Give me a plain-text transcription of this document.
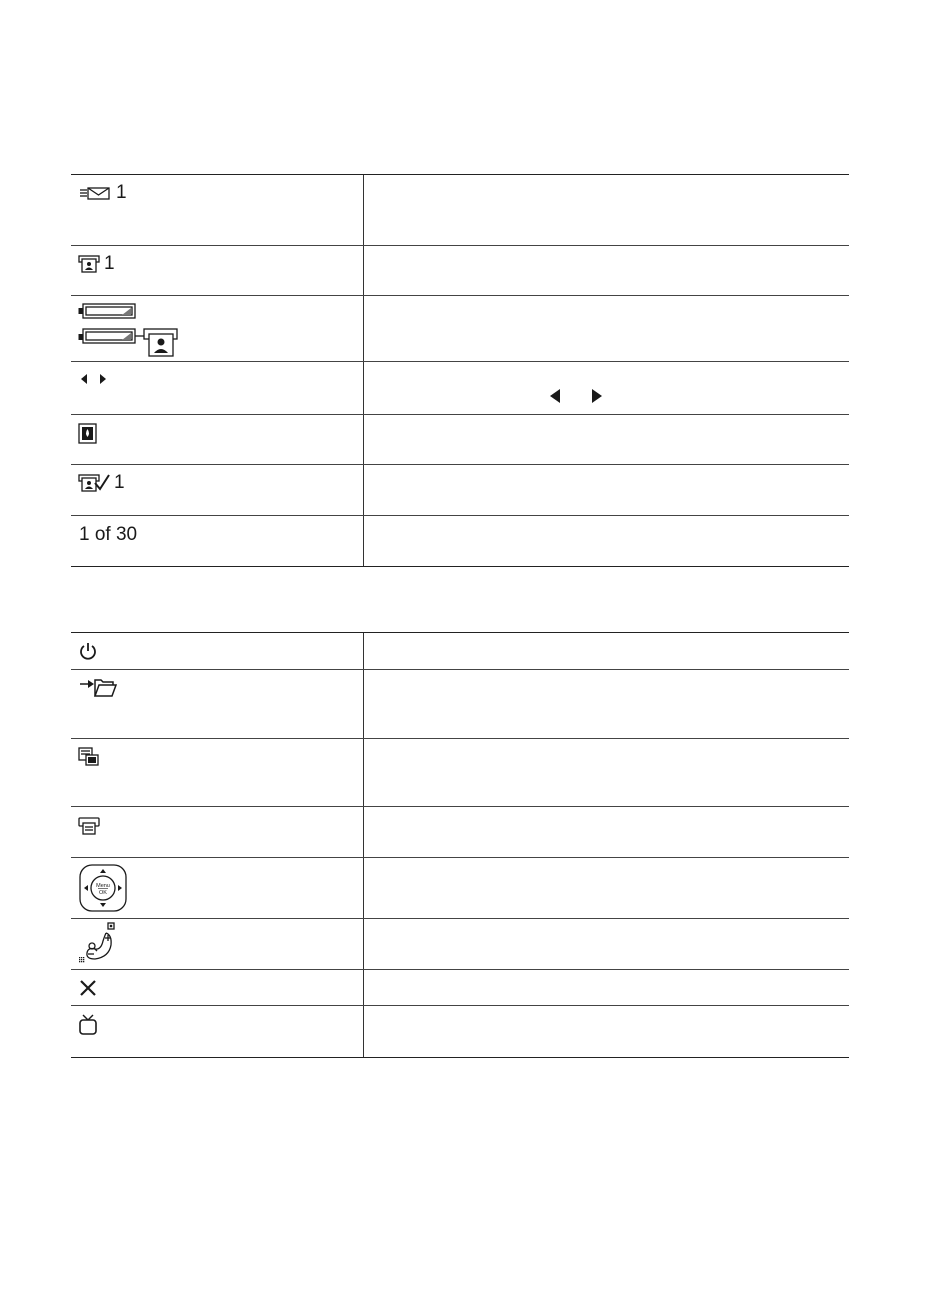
1
1
1
1 of 30
Menu
OK
